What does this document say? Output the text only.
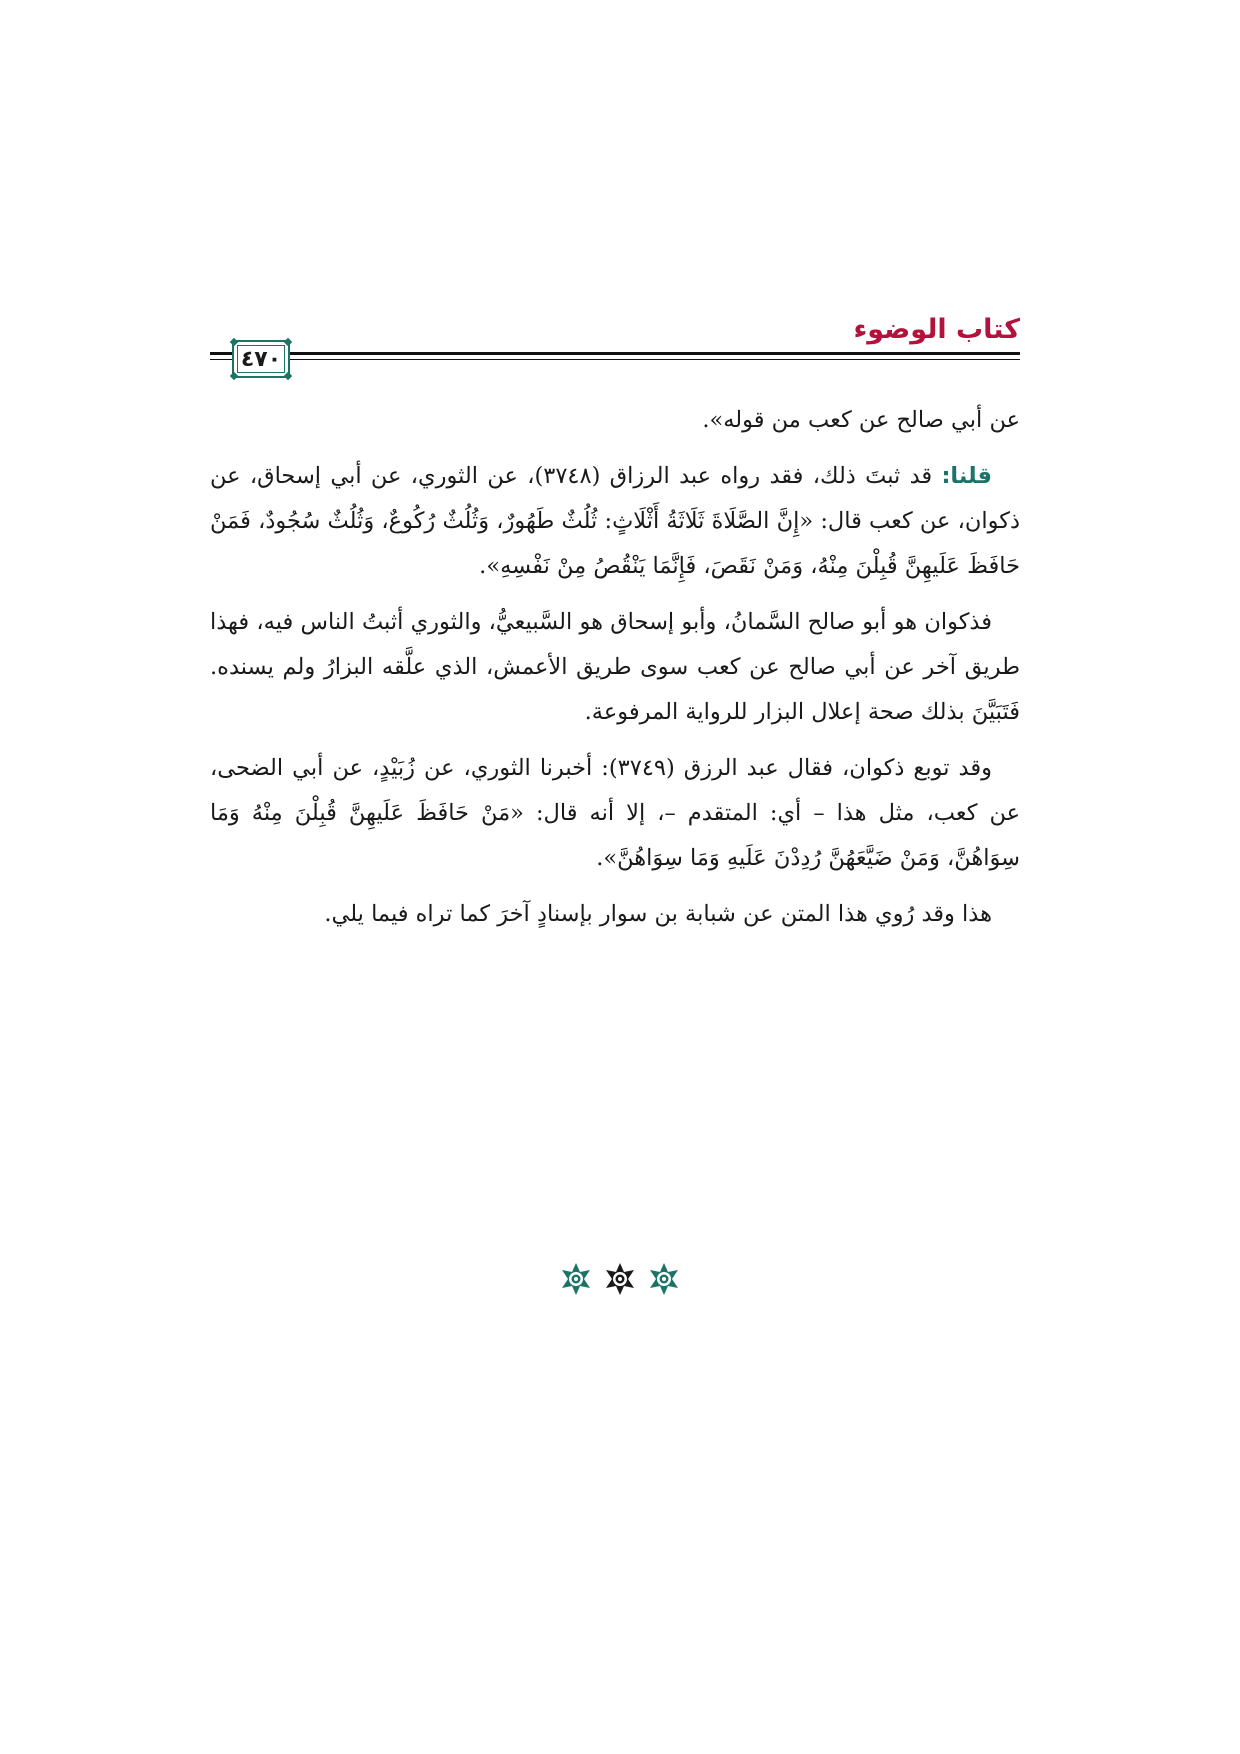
كتاب الوضوء
٤٧٠

عن أبي صالح عن كعب من قوله».

قلنا: قد ثبتَ ذلك، فقد رواه عبد الرزاق (٣٧٤٨)، عن الثوري، عن أبي إسحاق، عن ذكوان، عن كعب قال: «إِنَّ الصَّلَاةَ ثَلَاثَةُ أَثْلَاثٍ: ثُلُثٌ طَهُورٌ، وَثُلُثٌ رُكُوعٌ، وَثُلُثٌ سُجُودٌ، فَمَنْ حَافَظَ عَلَيهِنَّ قُبِلْنَ مِنْهُ، وَمَنْ نَقَصَ، فَإِنَّمَا يَنْقُصُ مِنْ نَفْسِهِ».

فذكوان هو أبو صالح السَّمانُ، وأبو إسحاق هو السَّبيعيُّ، والثوري أثبتُ الناس فيه، فهذا طريق آخر عن أبي صالح عن كعب سوى طريق الأعمش، الذي علَّقه البزارُ ولم يسنده. فَتَبَيَّنَ بذلك صحة إعلال البزار للرواية المرفوعة.

وقد توبع ذكوان، فقال عبد الرزق (٣٧٤٩): أخبرنا الثوري، عن زُبَيْدٍ، عن أبي الضحى، عن كعب، مثل هذا – أي: المتقدم –، إلا أنه قال: «مَنْ حَافَظَ عَلَيهِنَّ قُبِلْنَ مِنْهُ وَمَا سِوَاهُنَّ، وَمَنْ ضَيَّعَهُنَّ رُدِدْنَ عَلَيهِ وَمَا سِوَاهُنَّ».

هذا وقد رُوي هذا المتن عن شبابة بن سوار بإسنادٍ آخرَ كما تراه فيما يلي.
